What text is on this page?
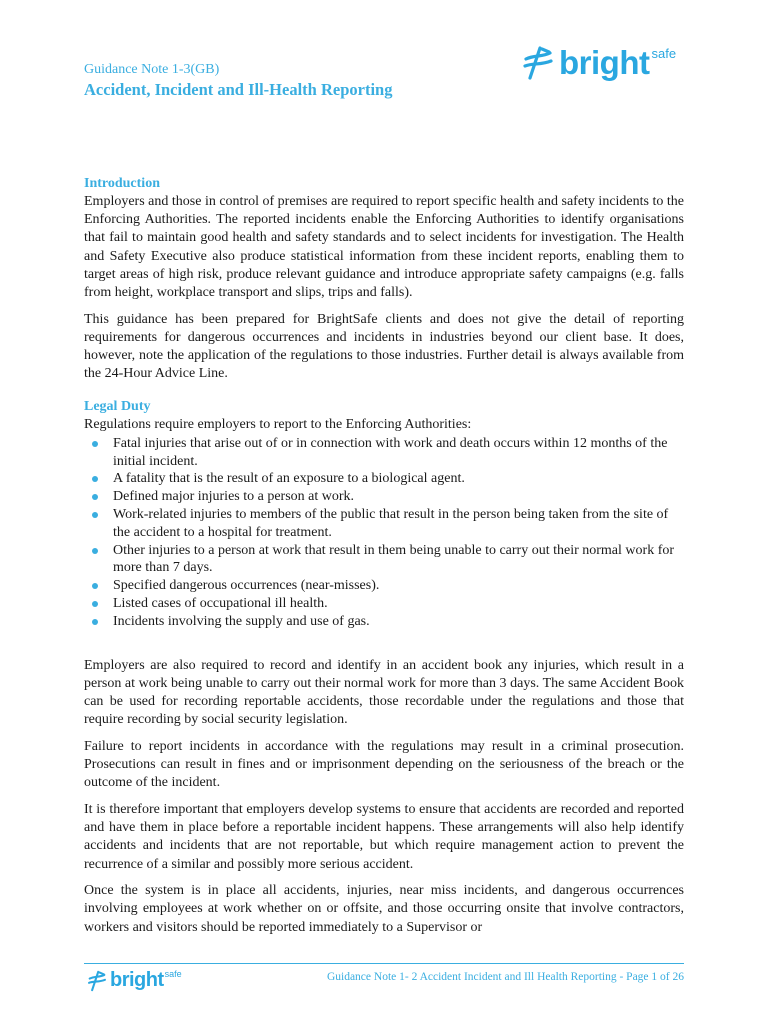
Guidance Note 1-3(GB)
Accident, Incident and Ill-Health Reporting
bright safe
Introduction

Employers and those in control of premises are required to report specific health and safety incidents to the Enforcing Authorities. The reported incidents enable the Enforcing Authorities to identify organisations that fail to maintain good health and safety standards and to select incidents for investigation. The Health and Safety Executive also produce statistical information from these incident reports, enabling them to target areas of high risk, produce relevant guidance and introduce appropriate safety campaigns (e.g. falls from height, workplace transport and slips, trips and falls).

This guidance has been prepared for BrightSafe clients and does not give the detail of reporting requirements for dangerous occurrences and incidents in industries beyond our client base. It does, however, note the application of the regulations to those industries. Further detail is always available from the 24-Hour Advice Line.

Legal Duty

Regulations require employers to report to the Enforcing Authorities:

Fatal injuries that arise out of or in connection with work and death occurs within 12 months of the initial incident.
A fatality that is the result of an exposure to a biological agent.
Defined major injuries to a person at work.
Work-related injuries to members of the public that result in the person being taken from the site of the accident to a hospital for treatment.
Other injuries to a person at work that result in them being unable to carry out their normal work for more than 7 days.
Specified dangerous occurrences (near-misses).
Listed cases of occupational ill health.
Incidents involving the supply and use of gas.

Employers are also required to record and identify in an accident book any injuries, which result in a person at work being unable to carry out their normal work for more than 3 days. The same Accident Book can be used for recording reportable accidents, those recordable under the regulations and those that require recording by social security legislation.

Failure to report incidents in accordance with the regulations may result in a criminal prosecution. Prosecutions can result in fines and or imprisonment depending on the seriousness of the breach or the outcome of the incident.

It is therefore important that employers develop systems to ensure that accidents are recorded and reported and have them in place before a reportable incident happens. These arrangements will also help identify accidents and incidents that are not reportable, but which require management action to prevent the recurrence of a similar and possibly more serious accident.

Once the system is in place all accidents, injuries, near miss incidents, and dangerous occurrences involving employees at work whether on or offsite, and those occurring onsite that involve contractors, workers and visitors should be reported immediately to a Supervisor or

bright safe	Guidance Note 1- 2 Accident Incident and Ill Health Reporting - Page 1 of 26
